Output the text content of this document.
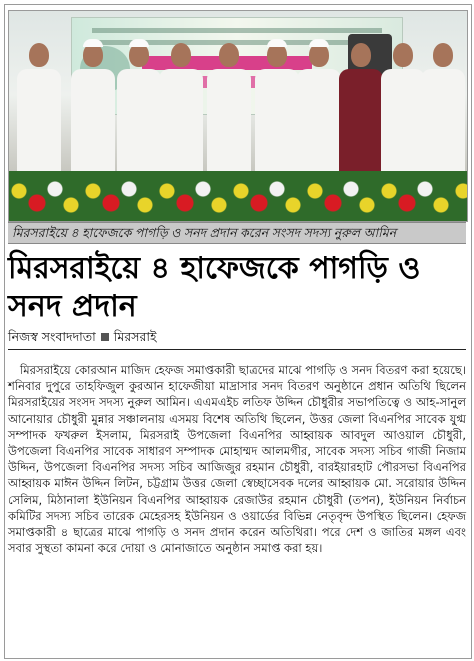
মিরসরাইয়ে ৪ হাফেজকে পাগড়ি ও সনদ প্রদান করেন সংসদ সদস্য নুরুল আমিন
মিরসরাইয়ে ৪ হাফেজকে পাগড়ি ও সনদ প্রদান
নিজস্ব সংবাদদাতা মিরসরাই
মিরসরাইয়ে কোরআন মাজিদ হেফজ সমাপ্তকারী ছাত্রদের মাঝে পাগড়ি ও সনদ বিতরণ করা হয়েছে। শনিবার দুপুরে তাহফিজুল কুরআন হাফেজীয়া মাদ্রাসার সনদ বিতরণ অনুষ্ঠানে প্রধান অতিথি ছিলেন মিরসরাইয়ের সংসদ সদস্য নুরুল আমিন। এএমএইচ লতিফ উদ্দিন চৌধুরীর সভাপতিত্বে ও আহ-সানুল আনোয়ার চৌধুরী মুন্নার সঞ্চালনায় এসময় বিশেষ অতিথি ছিলেন, উত্তর জেলা বিএনপির সাবেক যুগ্ম সম্পাদক ফখরুল ইসলাম, মিরসরাই উপজেলা বিএনপির আহ্বায়ক আবদুল আওয়াল চৌধুরী, উপজেলা বিএনপির সাবেক সাধারণ সম্পাদক মোহাম্মদ আলমগীর, সাবেক সদস্য সচিব গাজী নিজাম উদ্দিন, উপজেলা বিএনপির সদস্য সচিব আজিজুর রহমান চৌধুরী, বারইয়ারহাট পৌরসভা বিএনপির আহ্বায়ক মাঈন উদ্দিন লিটন, চট্টগ্রাম উত্তর জেলা স্বেচ্ছাসেবক দলের আহ্বায়ক মো. সরোয়ার উদ্দিন সেলিম, মিঠানালা ইউনিয়ন বিএনপির আহ্বায়ক রেজাউর রহমান চৌধুরী (তপন), ইউনিয়ন নির্বাচন কমিটির সদস্য সচিব তারেক মেহেরসহ ইউনিয়ন ও ওয়ার্ডের বিভিন্ন নেতৃবৃন্দ উপস্থিত ছিলেন। হেফজ সমাপ্তকারী ৪ ছাত্রের মাঝে পাগড়ি ও সনদ প্রদান করেন অতিথিরা। পরে দেশ ও জাতির মঙ্গল এবং সবার সুস্থতা কামনা করে দোয়া ও মোনাজাতে অনুষ্ঠান সমাপ্ত করা হয়।
